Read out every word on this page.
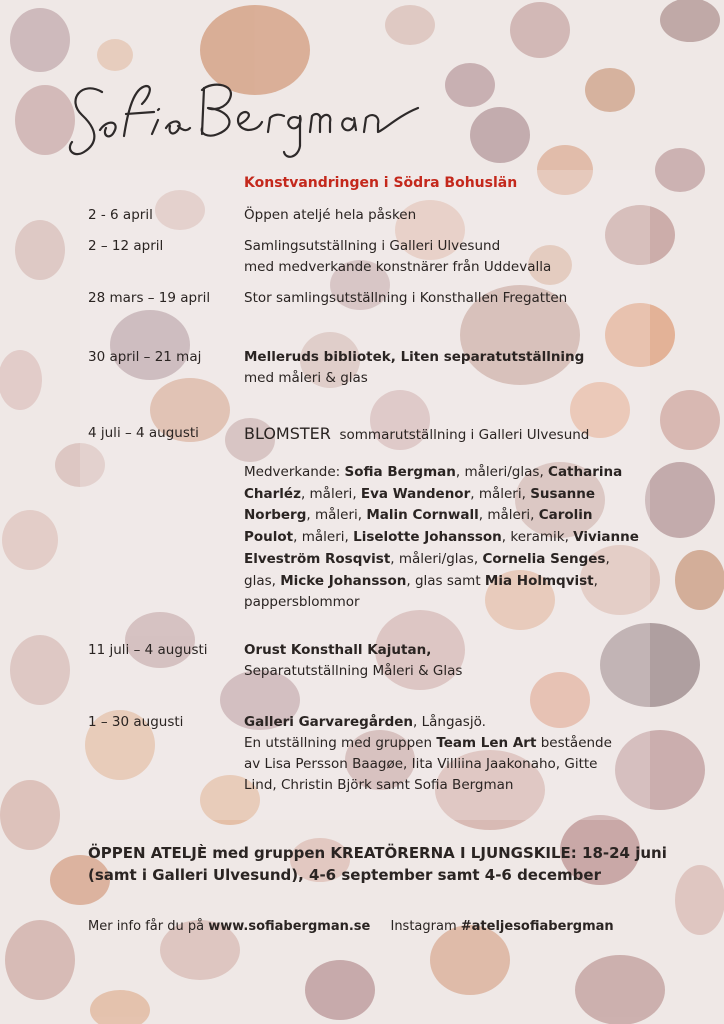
Konstvandringen i Södra Bohuslän
2 - 6 april	Öppen ateljé hela påsken

2 – 12 april	Samlingsutställning i Galleri Ulvesund

med medverkande konstnärer från Uddevalla

28 mars – 19 april	Stor samlingsutställning i Konsthallen Fregatten

30 april – 21 maj	Melleruds bibliotek, Liten separatutställning

med måleri & glas

4 juli – 4 augusti	BLOMSTER sommarutställning i Galleri Ulvesund

Medverkande: Sofia Bergman, måleri/glas, Catharina Charléz, måleri, Eva Wandenor, måleri, Susanne Norberg, måleri, Malin Cornwall, måleri, Carolin Poulot, måleri, Liselotte Johansson, keramik, Vivianne Elveström Rosqvist, måleri/glas, Cornelia Senges, glas, Micke Johansson, glas samt Mia Holmqvist, pappersblommor

11 juli – 4 augusti	Orust Konsthall Kajutan,

Separatutställning Måleri & Glas

1 – 30 augusti	Galleri Garvaregården, Långasjö.

En utställning med gruppen Team Len Art bestående

av Lisa Persson Baagøe, Iita Villiina Jaakonaho, Gitte

Lind, Christin Björk samt Sofia Bergman

ÖPPEN ATELJÈ med gruppen KREATÖRERNA I LJUNGSKILE: 18-24 juni (samt i Galleri Ulvesund), 4-6 september samt 4-6 december

Mer info får du på www.sofiabergman.se Instagram #ateljesofiabergman
